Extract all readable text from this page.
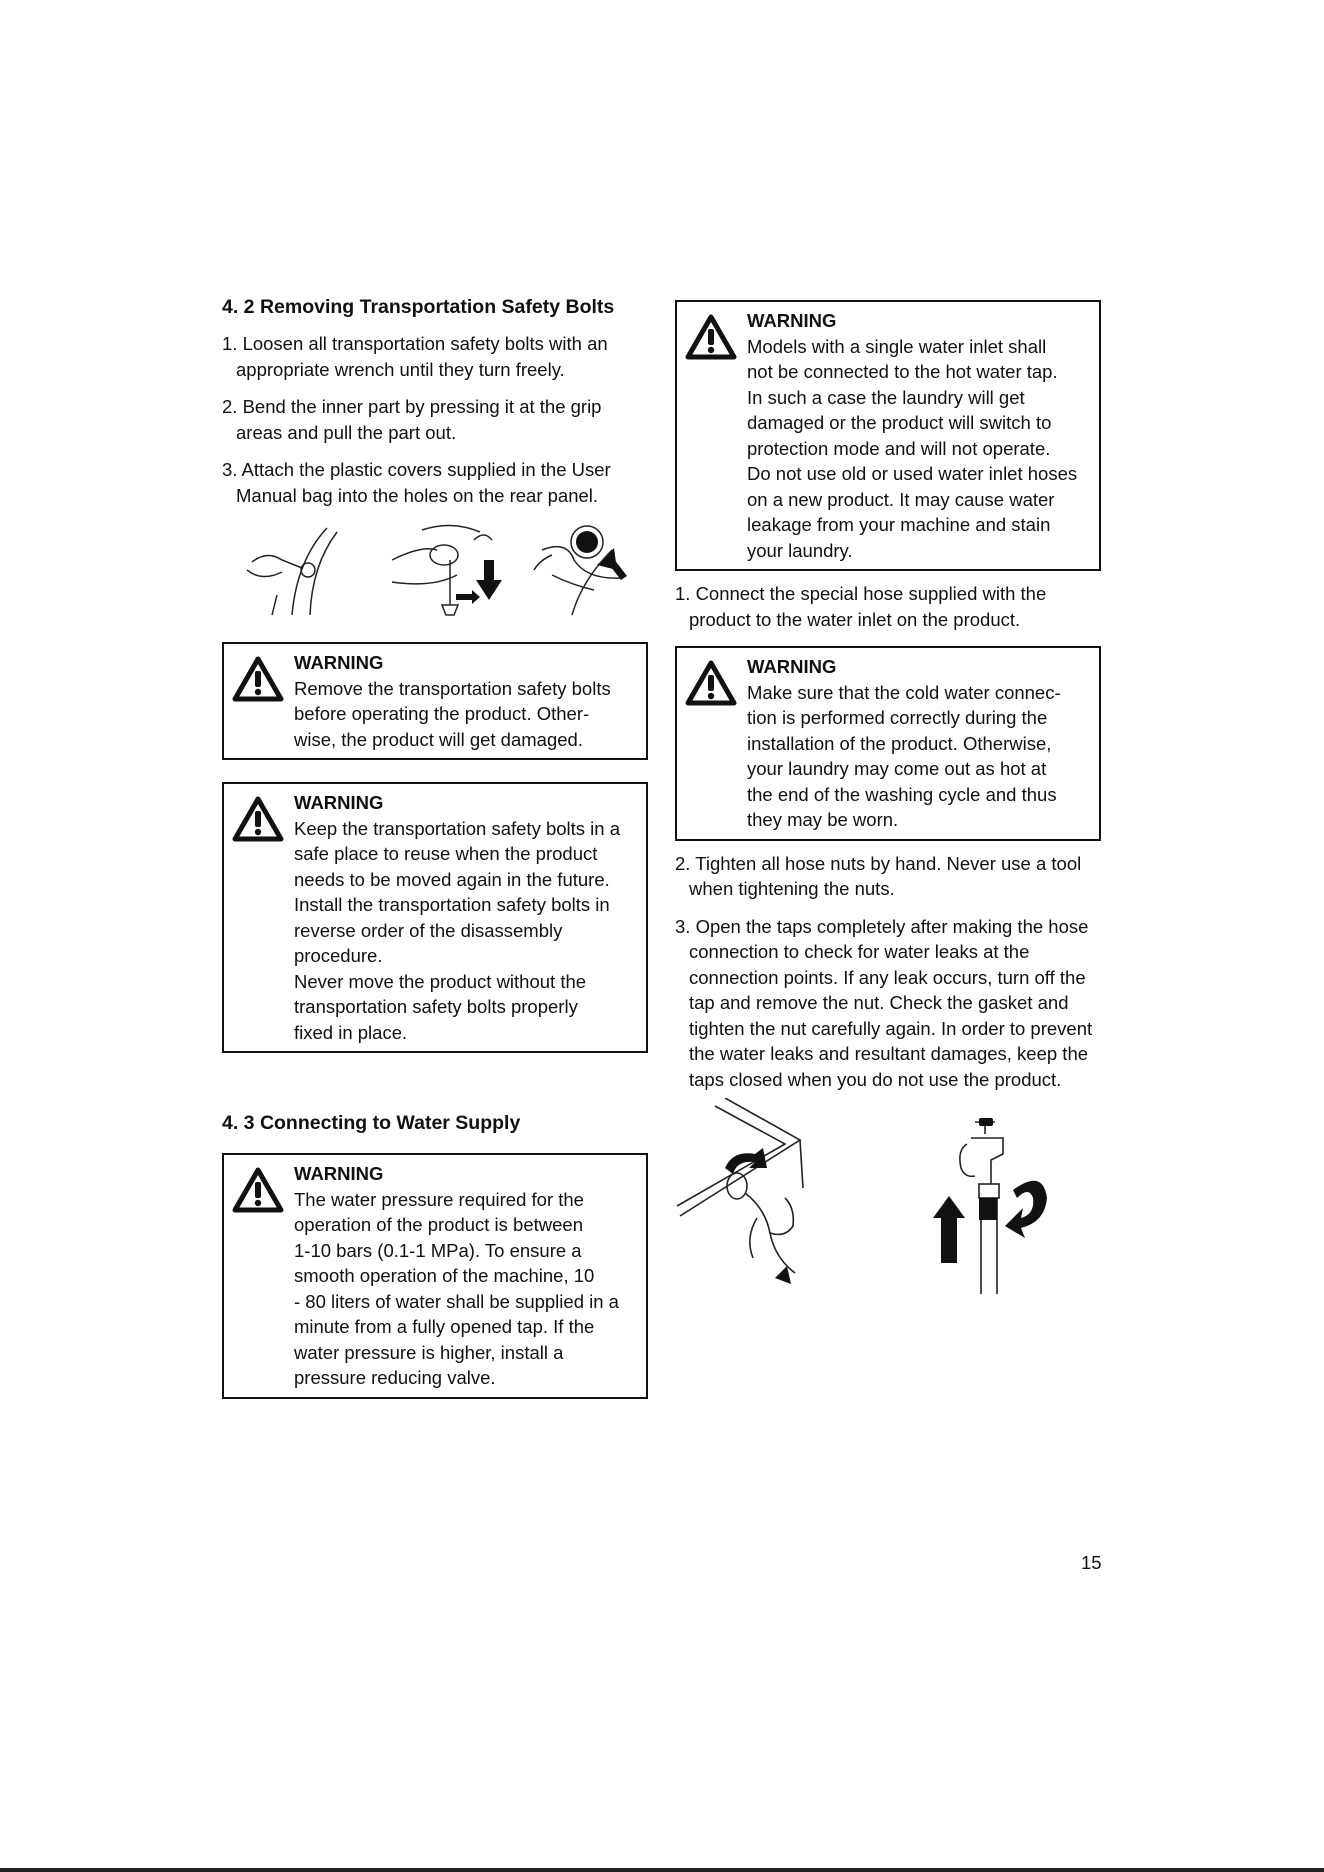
4. 2 Removing Transportation Safety Bolts

1. Loosen all transportation safety bolts with an appropriate wrench until they turn freely.

2. Bend the inner part by pressing it at the grip areas and pull the part out.

3. Attach the plastic covers supplied in the User Manual bag into the holes on the rear panel.

WARNING
Remove the transportation safety bolts
before operating the product. Other-
wise, the product will get damaged.
WARNING
Keep the transportation safety bolts in a
safe place to reuse when the product
needs to be moved again in the future.
Install the transportation safety bolts in
reverse order of the disassembly
procedure.
Never move the product without the
transportation safety bolts properly
fixed in place.
4. 3 Connecting to Water Supply
WARNING
The water pressure required for the
operation of the product is between
1-10 bars (0.1-1 MPa). To ensure a
smooth operation of the machine, 10
- 80 liters of water shall be supplied in a
minute from a fully opened tap. If the
water pressure is higher, install a
pressure reducing valve.
WARNING
Models with a single water inlet shall
not be connected to the hot water tap.
In such a case the laundry will get
damaged or the product will switch to
protection mode and will not operate.
Do not use old or used water inlet hoses
on a new product. It may cause water
leakage from your machine and stain
your laundry.

1. Connect the special hose supplied with the product to the water inlet on the product.

WARNING
Make sure that the cold water connec-
tion is performed correctly during the
installation of the product. Otherwise,
your laundry may come out as hot at
the end of the washing cycle and thus
they may be worn.

2. Tighten all hose nuts by hand. Never use a tool when tightening the nuts.

3. Open the taps completely after making the hose connection to check for water leaks at the connection points. If any leak occurs, turn off the tap and remove the nut. Check the gasket and tighten the nut carefully again. In order to prevent the water leaks and resultant damages, keep the taps closed when you do not use the product.

15
